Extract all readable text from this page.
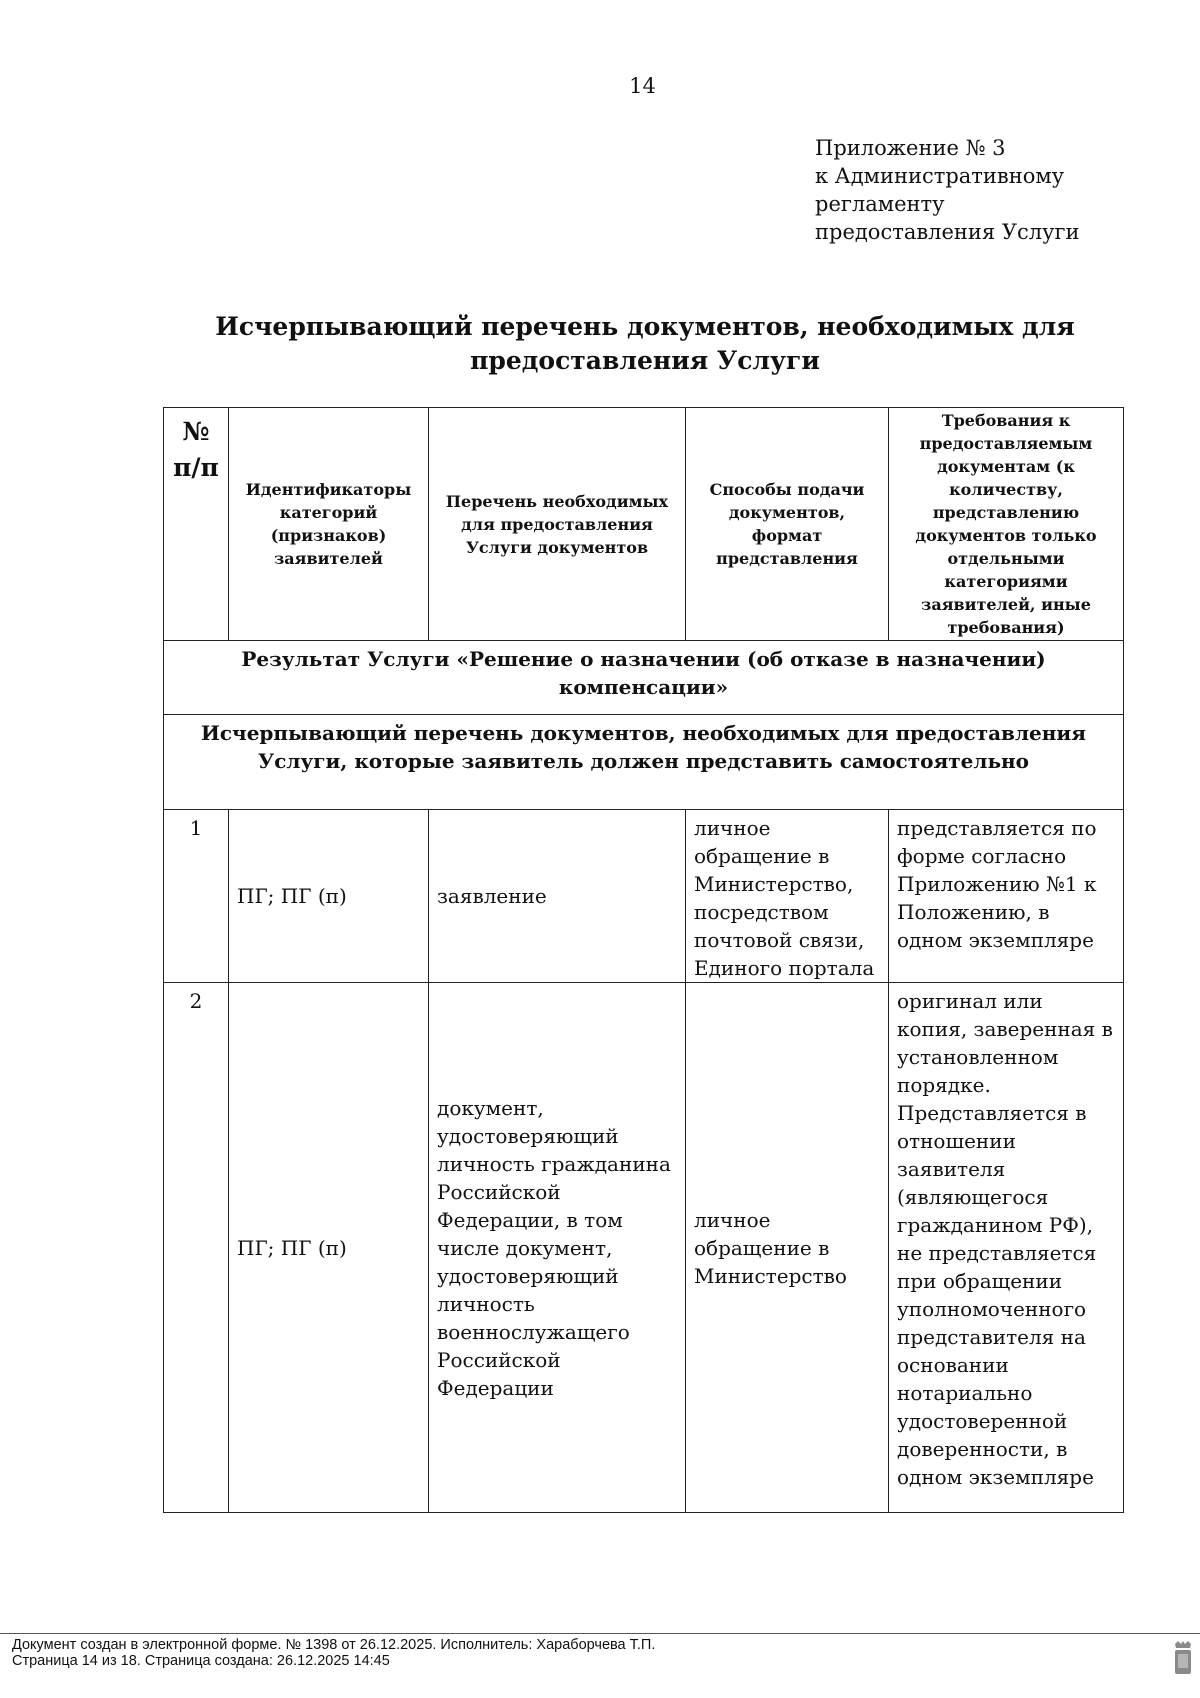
14
Приложение № 3
к Административному
регламенту
предоставления Услуги
Исчерпывающий перечень документов, необходимых для
предоставления Услуги
№ п/п	Идентификаторы категорий (признаков) заявителей	Перечень необходимых для предоставления Услуги документов	Способы подачи документов, формат представления	Требования к предоставляемым документам (к количеству, представлению документов только отдельными категориями заявителей, иные требования)
Результат Услуги «Решение о назначении (об отказе в назначении) компенсации»				
Исчерпывающий перечень документов, необходимых для предоставления Услуги, которые заявитель должен представить самостоятельно				
1	ПГ; ПГ (п)	заявление	личное обращение в Министерство, посредством почтовой связи, Единого портала	представляется по форме согласно Приложению №1 к Положению, в одном экземпляре
2	ПГ; ПГ (п)	документ, удостоверяющий личность гражданина Российской Федерации, в том числе документ, удостоверяющий личность военнослужащего Российской Федерации	личное обращение в Министерство	оригинал или копия, заверенная в установленном порядке. Представляется в отношении заявителя (являющегося гражданином РФ), не представляется при обращении уполномоченного представителя на основании нотариально удостоверенной доверенности, в одном экземпляре
Документ создан в электронной форме. № 1398 от 26.12.2025. Исполнитель: Хараборчева Т.П.
Страница 14 из 18. Страница создана: 26.12.2025 14:45
